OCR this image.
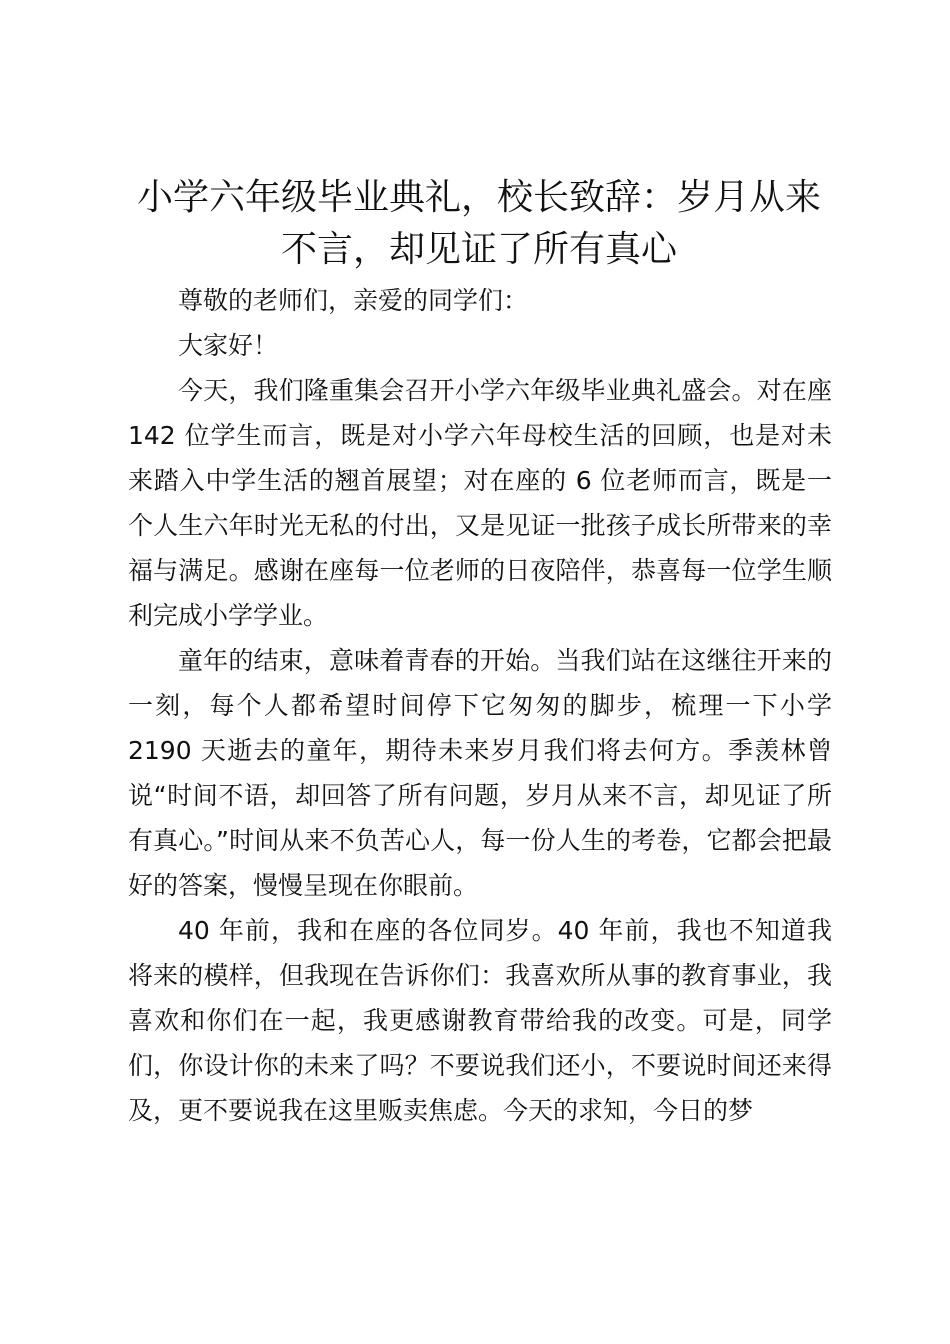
小学六年级毕业典礼，校长致辞：岁月从来不言，却见证了所有真心

尊敬的老师们，亲爱的同学们：

大家好！

今天，我们隆重集会召开小学六年级毕业典礼盛会。对在座 142 位学生而言，既是对小学六年母校生活的回顾，也是对未来踏入中学生活的翘首展望；对在座的 6 位老师而言，既是一个人生六年时光无私的付出，又是见证一批孩子成长所带来的幸福与满足。感谢在座每一位老师的日夜陪伴，恭喜每一位学生顺利完成小学学业。

童年的结束，意味着青春的开始。当我们站在这继往开来的一刻，每个人都希望时间停下它匆匆的脚步，梳理一下小学 2190 天逝去的童年，期待未来岁月我们将去何方。季羡林曾说“时间不语，却回答了所有问题，岁月从来不言，却见证了所有真心。”时间从来不负苦心人，每一份人生的考卷，它都会把最好的答案，慢慢呈现在你眼前。

40 年前，我和在座的各位同岁。40 年前，我也不知道我将来的模样，但我现在告诉你们：我喜欢所从事的教育事业，我喜欢和你们在一起，我更感谢教育带给我的改变。可是，同学们，你设计你的未来了吗？不要说我们还小，不要说时间还来得及，更不要说我在这里贩卖焦虑。今天的求知，今日的梦
